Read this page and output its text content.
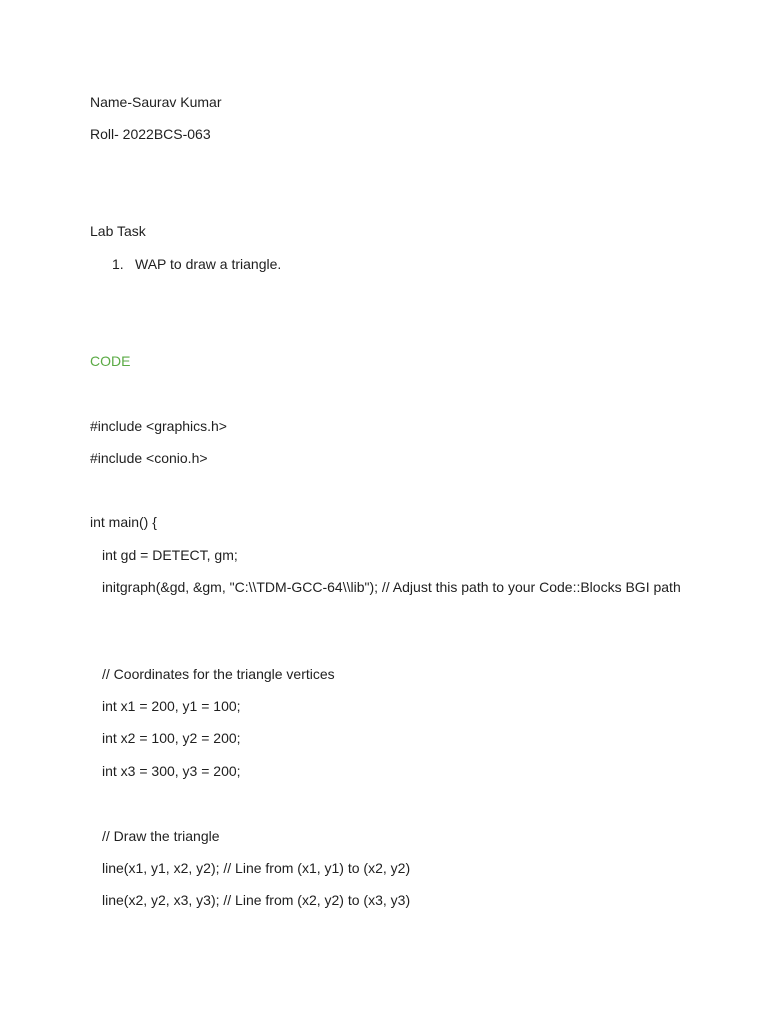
Name-Saurav Kumar
Roll- 2022BCS-063
Lab Task
1. WAP to draw a triangle.
CODE
#include <graphics.h>
#include <conio.h>
int main() {
int gd = DETECT, gm;
initgraph(&gd, &gm, "C:\\TDM-GCC-64\\lib"); // Adjust this path to your Code::Blocks BGI path
// Coordinates for the triangle vertices
int x1 = 200, y1 = 100;
int x2 = 100, y2 = 200;
int x3 = 300, y3 = 200;
// Draw the triangle
line(x1, y1, x2, y2); // Line from (x1, y1) to (x2, y2)
line(x2, y2, x3, y3); // Line from (x2, y2) to (x3, y3)
